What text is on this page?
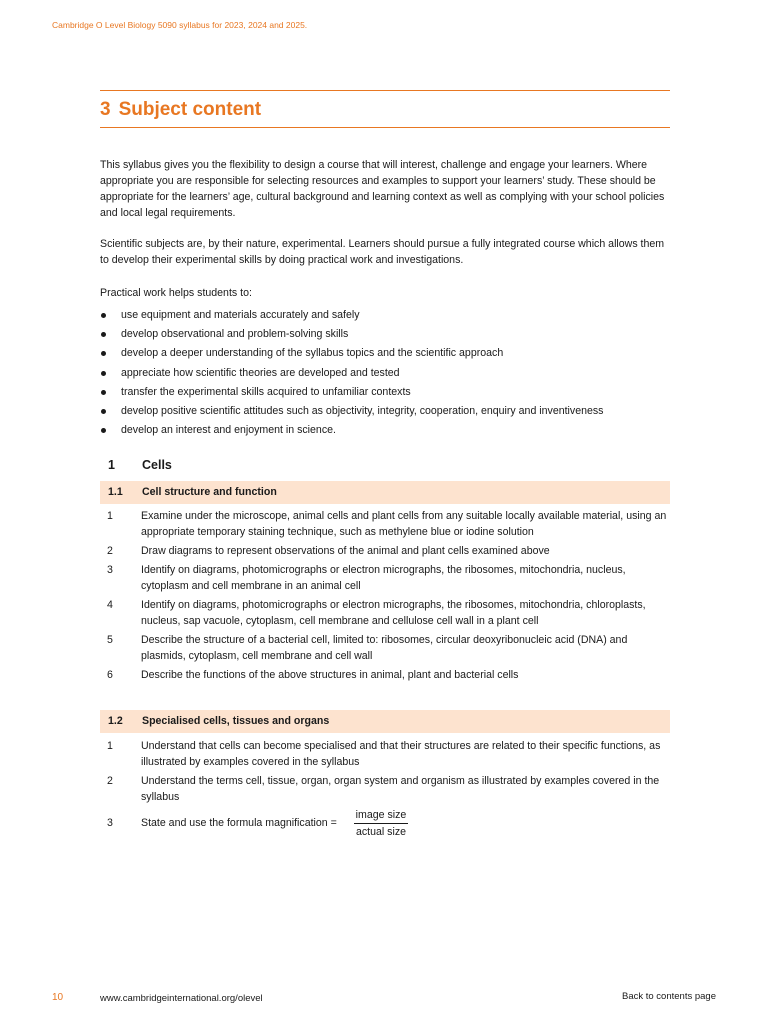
Cambridge O Level Biology 5090 syllabus for 2023, 2024 and 2025.
3 Subject content
This syllabus gives you the flexibility to design a course that will interest, challenge and engage your learners. Where appropriate you are responsible for selecting resources and examples to support your learners’ study. These should be appropriate for the learners’ age, cultural background and learning context as well as complying with your school policies and local legal requirements.
Scientific subjects are, by their nature, experimental. Learners should pursue a fully integrated course which allows them to develop their experimental skills by doing practical work and investigations.
Practical work helps students to:
use equipment and materials accurately and safely
develop observational and problem-solving skills
develop a deeper understanding of the syllabus topics and the scientific approach
appreciate how scientific theories are developed and tested
transfer the experimental skills acquired to unfamiliar contexts
develop positive scientific attitudes such as objectivity, integrity, cooperation, enquiry and inventiveness
develop an interest and enjoyment in science.
1 Cells
1.1 Cell structure and function
1	Examine under the microscope, animal cells and plant cells from any suitable locally available material, using an appropriate temporary staining technique, such as methylene blue or iodine solution
2	Draw diagrams to represent observations of the animal and plant cells examined above
3	Identify on diagrams, photomicrographs or electron micrographs, the ribosomes, mitochondria, nucleus, cytoplasm and cell membrane in an animal cell
4	Identify on diagrams, photomicrographs or electron micrographs, the ribosomes, mitochondria, chloroplasts, nucleus, sap vacuole, cytoplasm, cell membrane and cellulose cell wall in a plant cell
5	Describe the structure of a bacterial cell, limited to: ribosomes, circular deoxyribonucleic acid (DNA) and plasmids, cytoplasm, cell membrane and cell wall
6	Describe the functions of the above structures in animal, plant and bacterial cells
1.2 Specialised cells, tissues and organs
1	Understand that cells can become specialised and that their structures are related to their specific functions, as illustrated by examples covered in the syllabus
2	Understand the terms cell, tissue, organ, organ system and organism as illustrated by examples covered in the syllabus
3	State and use the formula magnification =
image size
actual size
10	www.cambridgeinternational.org/olevel	Back to contents page
